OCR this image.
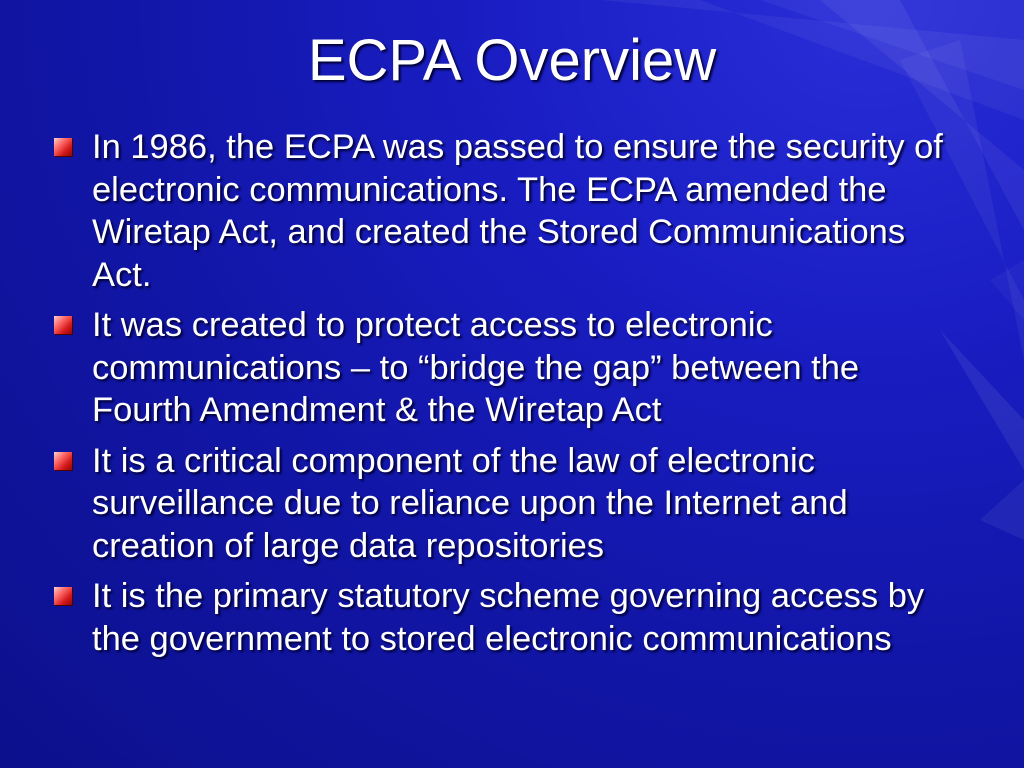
ECPA Overview
In 1986, the ECPA was passed to ensure the security of electronic communications. The ECPA amended the Wiretap Act, and created the Stored Communications Act.
It was created to protect access to electronic communications – to “bridge the gap” between the Fourth Amendment & the Wiretap Act
It is a critical component of the law of electronic surveillance due to reliance upon the Internet and creation of large data repositories
It is the primary statutory scheme governing access by the government to stored electronic communications
